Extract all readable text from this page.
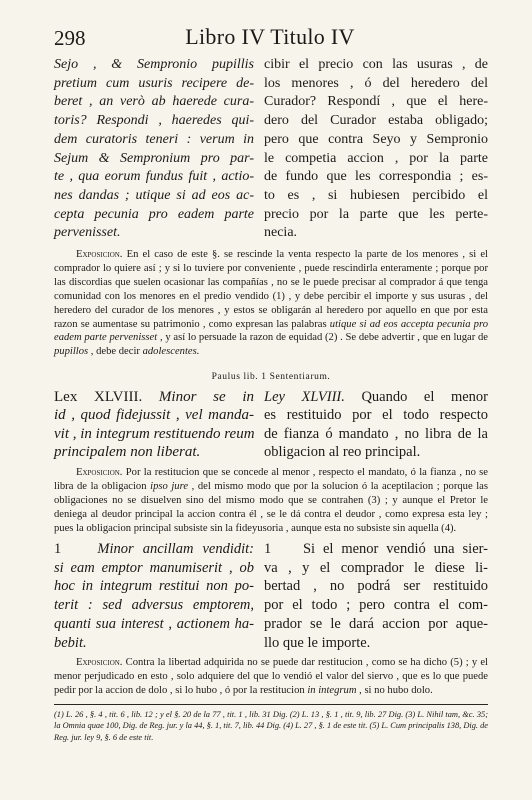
298	Libro IV Titulo IV
Sejo , & Sempronio pupillis
pretium cum usuris recipere de-
beret , an verò ab haerede cura-
toris? Respondi , haeredes qui-
dem curatoris teneri : verum in
Sejum & Sempronium pro par-
te , qua eorum fundus fuit , actio-
nes dandas ; utique si ad eos ac-
cepta pecunia pro eadem parte
pervenisset.
cibir el precio con las usuras , de
los menores , ó del heredero del
Curador? Respondí , que el here-
dero del Curador estaba obligado;
pero que contra Seyo y Sempronio
le competia accion , por la parte
de fundo que les correspondia ; es-
to es , si hubiesen percibido el
precio por la parte que les perte-
necia.

Exposicion. En el caso de este §. se rescinde la venta respecto la parte de los menores , si el comprador lo quiere así ; y si lo tuviere por conveniente , puede rescindirla enteramente ; porque por las discordias que suelen ocasionar las compañías , no se le puede precisar al comprador á que tenga comunidad con los menores en el predio vendido (1) , y debe percibir el importe y sus usuras , del heredero del curador de los menores , y estos se obligarán al heredero por aquello en que por esta razon se aumentase su patrimonio , como expresan las palabras utique si ad eos accepta pecunia pro eadem parte pervenisset , y así lo persuade la razon de equidad (2) . Se debe advertir , que en lugar de pupillos , debe decir adolescentes.

Paulus lib. 1 Sententiarum.
Lex XLVIII. Minor se in
id , quod fidejussit , vel manda-
vit , in integrum restituendo reum
principalem non liberat.
Ley XLVIII. Quando el menor
es restituido por el todo respecto
de fianza ó mandato , no libra de la
obligacion al reo principal.

Exposicion. Por la restitucion que se concede al menor , respecto el mandato, ó la fianza , no se libra de la obligacion ipso jure , del mismo modo que por la solucion ó la aceptilacion ; porque las obligaciones no se disuelven sino del mismo modo que se contrahen (3) ; y aunque el Pretor le deniega al deudor principal la accion contra él , se le dá contra el deudor , como expresa esta ley ; pues la obligacion principal subsiste sin la fideyusoria , aunque esta no subsiste sin aquella (4).

1 Minor ancillam vendidit:
si eam emptor manumiserit , ob
hoc in integrum restitui non po-
terit : sed adversus emptorem,
quanti sua interest , actionem ha-
bebit.
1 Si el menor vendió una sier-
va , y el comprador le diese li-
bertad , no podrá ser restituido
por el todo ; pero contra el com-
prador se le dará accion por aque-
llo que le importe.

Exposicion. Contra la libertad adquirida no se puede dar restitucion , como se ha dicho (5) ; y el menor perjudicado en esto , solo adquiere del que lo vendió el valor del siervo , que es lo que puede pedir por la accion de dolo , si lo hubo , ó por la restitucion in integrum , si no hubo dolo.

(1) L. 26 , §. 4 , tit. 6 , lib. 12 ; y el §. 20 de la 77 , tit. 1 , lib. 31 Dig. (2) L. 13 , §. 1 , tit. 9, lib. 27 Dig. (3) L. Nihil tam, &c. 35; la Omnia quae 100, Dig. de Reg. jur. y la 44, §. 1, tit. 7, lib. 44 Dig. (4) L. 27 , §. 1 de este tit. (5) L. Cum principalis 138, Dig. de Reg. jur. ley 9, §. 6 de este tit.
